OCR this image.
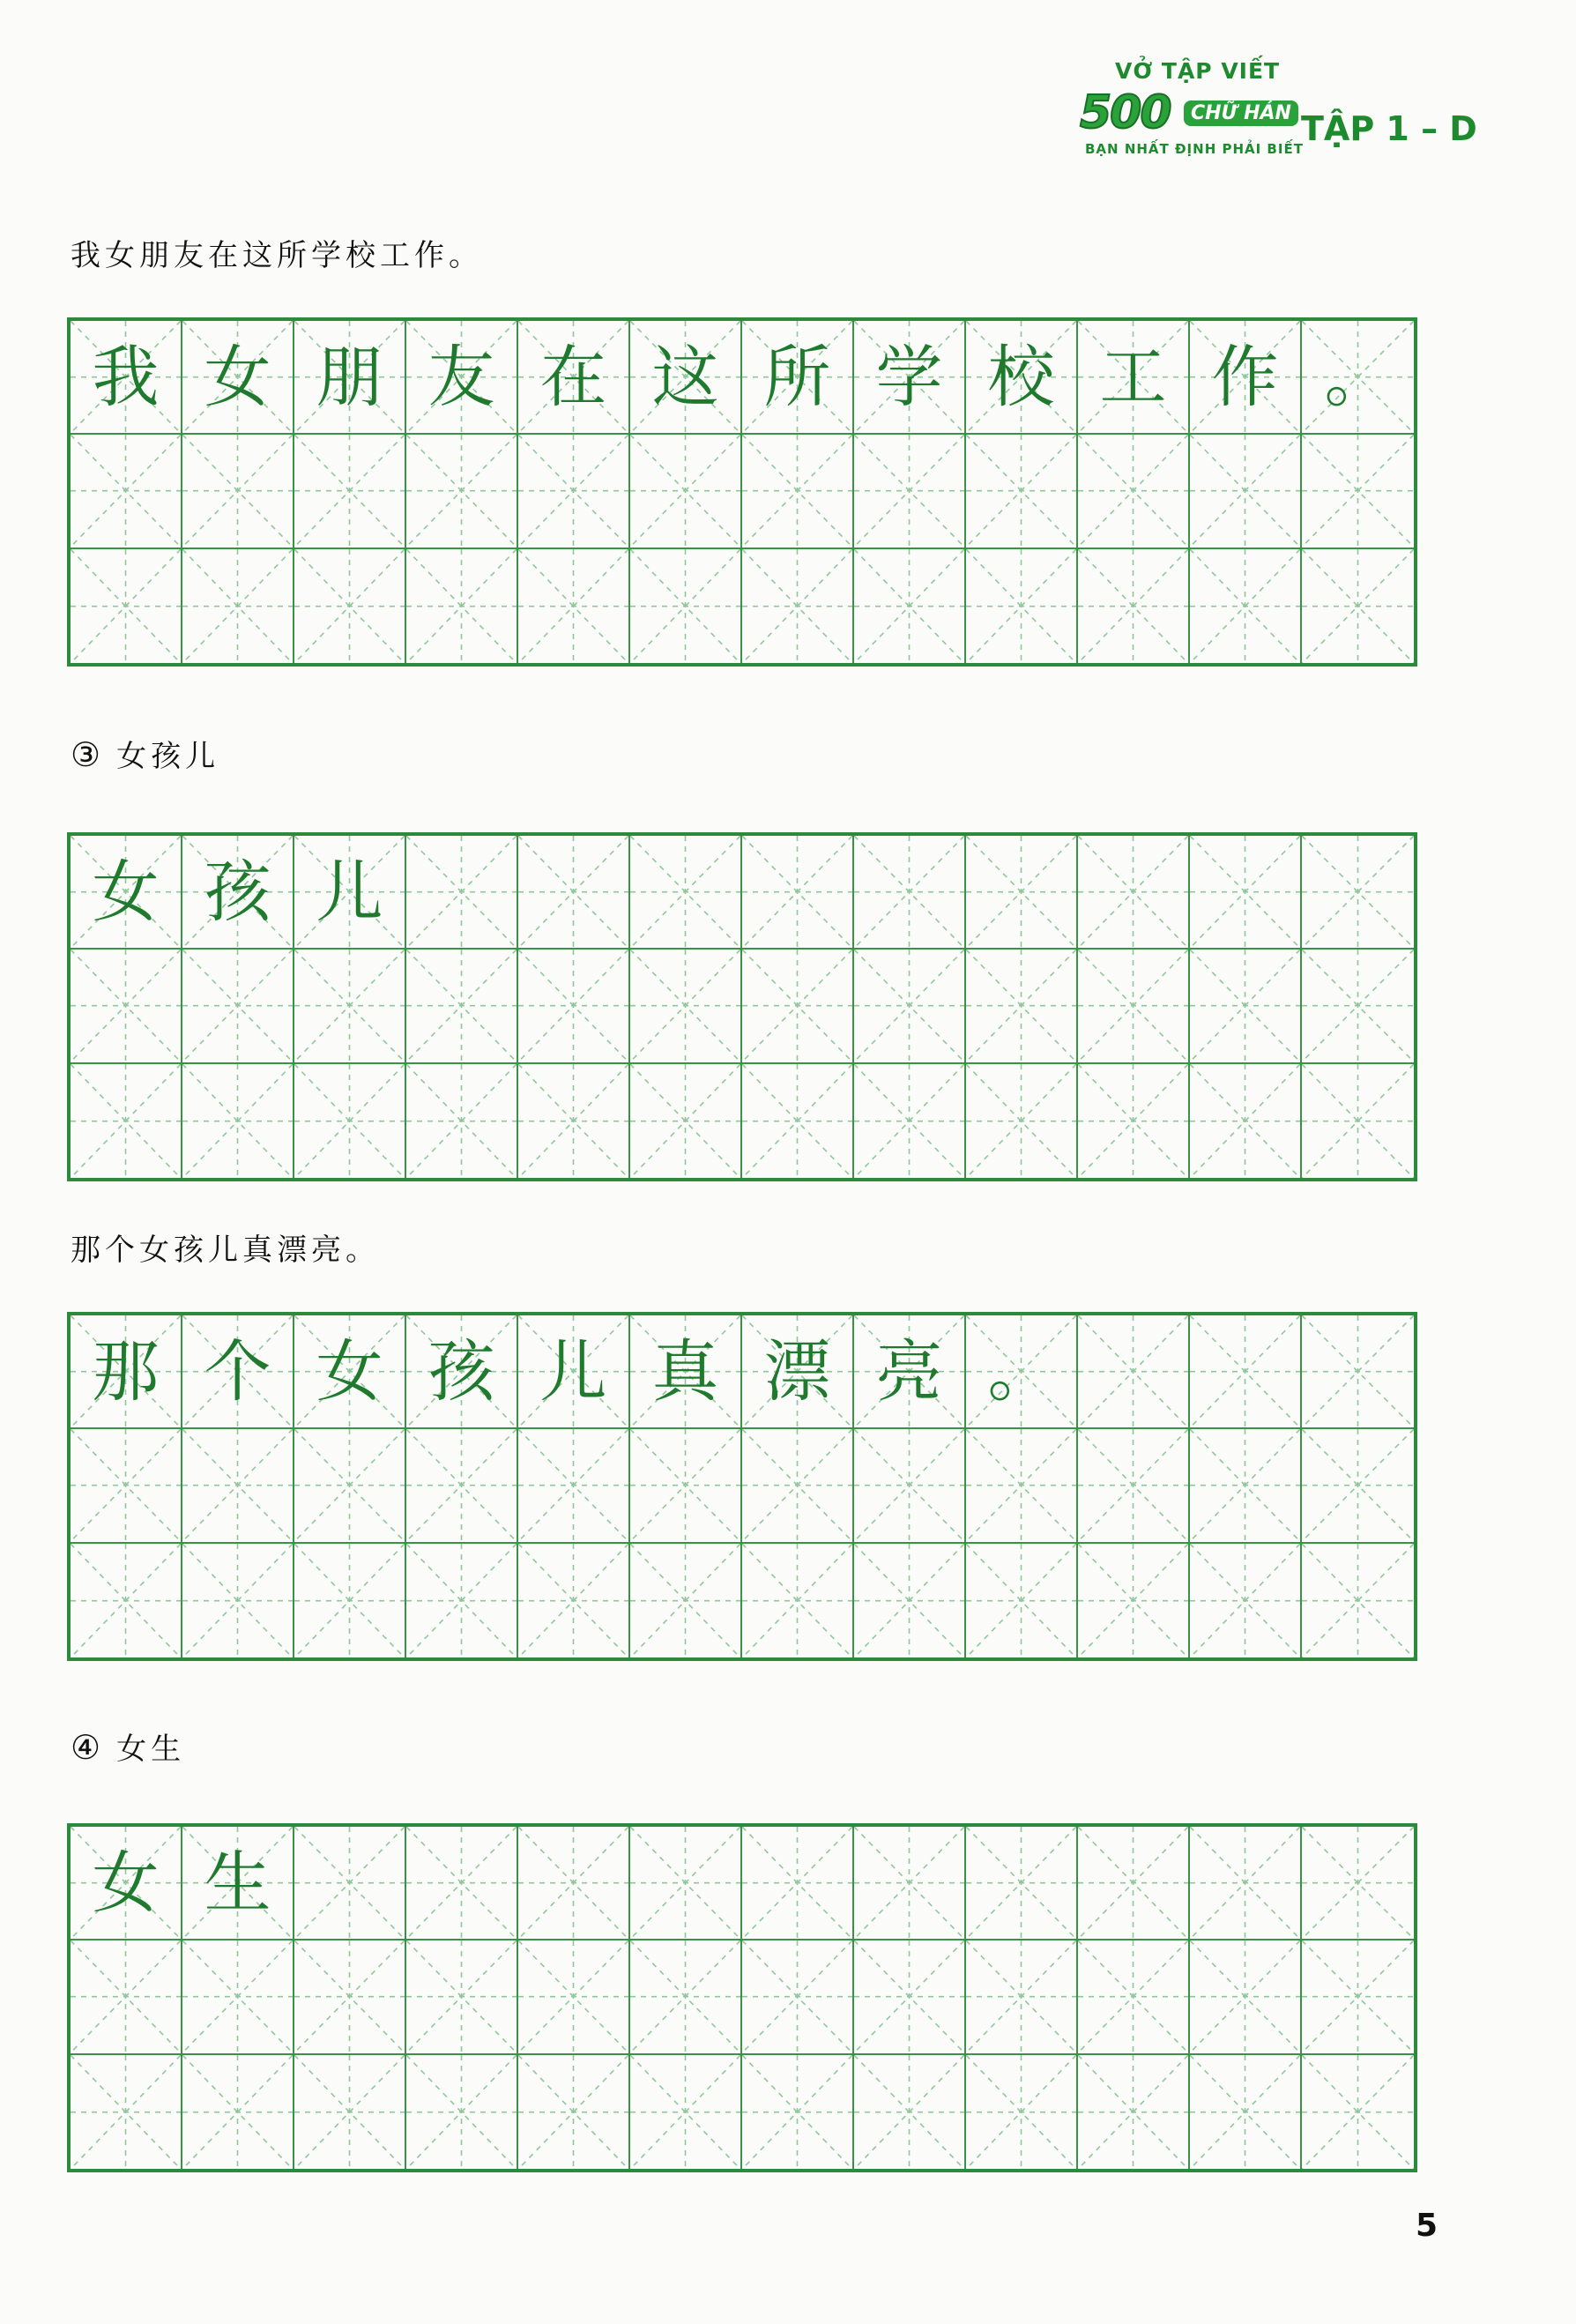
VỞ TẬP VIẾT
500	CHỮ HÁN
BẠN NHẤT ĐỊNH PHẢI BIẾT
TẬP 1 – D
我女朋友在这所学校工作。
我 女 朋 友 在 这 所 学 校 工 作 。
③ 女孩儿
女 孩 儿
那个女孩儿真漂亮。
那 个 女 孩 儿 真 漂 亮 。
④ 女生
女 生
5
